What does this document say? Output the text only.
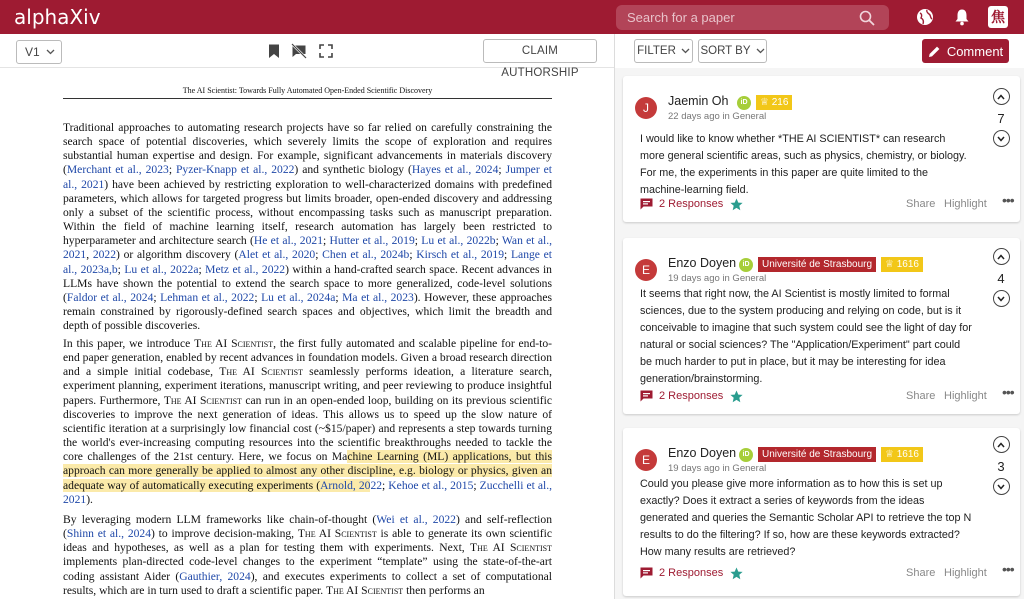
alphaXiv	Search for a paper	焦
V1	CLAIM AUTHORSHIP
The AI Scientist: Towards Fully Automated Open-Ended Scientific Discovery

Traditional approaches to automating research projects have so far relied on carefully constraining the search space of potential discoveries, which severely limits the scope of exploration and requires substantial human expertise and design. For example, significant advancements in materials discovery (Merchant et al., 2023; Pyzer-Knapp et al., 2022) and synthetic biology (Hayes et al., 2024; Jumper et al., 2021) have been achieved by restricting exploration to well-characterized domains with predefined parameters, which allows for targeted progress but limits broader, open-ended discovery and addressing only a subset of the scientific process, without encompassing tasks such as manuscript preparation. Within the field of machine learning itself, research automation has largely been restricted to hyperparameter and architecture search (He et al., 2021; Hutter et al., 2019; Lu et al., 2022b; Wan et al., 2021, 2022) or algorithm discovery (Alet et al., 2020; Chen et al., 2024b; Kirsch et al., 2019; Lange et al., 2023a,b; Lu et al., 2022a; Metz et al., 2022) within a hand-crafted search space. Recent advances in LLMs have shown the potential to extend the search space to more generalized, code-level solutions (Faldor et al., 2024; Lehman et al., 2022; Lu et al., 2024a; Ma et al., 2023). However, these approaches remain constrained by rigorously-defined search spaces and objectives, which limit the breadth and depth of possible discoveries.

In this paper, we introduce The AI Scientist, the first fully automated and scalable pipeline for end-to-end paper generation, enabled by recent advances in foundation models. Given a broad research direction and a simple initial codebase, The AI Scientist seamlessly performs ideation, a literature search, experiment planning, experiment iterations, manuscript writing, and peer reviewing to produce insightful papers. Furthermore, The AI Scientist can run in an open-ended loop, building on its previous scientific discoveries to improve the next generation of ideas. This allows us to speed up the slow nature of scientific iteration at a surprisingly low financial cost (~$15/paper) and represents a step towards turning the world's ever-increasing computing resources into the scientific breakthroughs needed to tackle the core challenges of the 21st century. Here, we focus on Machine Learning (ML) applications, but this approach can more generally be applied to almost any other discipline, e.g. biology or physics, given an adequate way of automatically executing experiments (Arnold, 2022; Kehoe et al., 2015; Zucchelli et al., 2021).

By leveraging modern LLM frameworks like chain-of-thought (Wei et al., 2022) and self-reflection (Shinn et al., 2024) to improve decision-making, The AI Scientist is able to generate its own scientific ideas and hypotheses, as well as a plan for testing them with experiments. Next, The AI Scientist implements plan-directed code-level changes to the experiment “template” using the state-of-the-art coding assistant Aider (Gauthier, 2024), and executes experiments to collect a set of computational results, which are in turn used to draft a scientific paper. The AI Scientist then performs an

FILTER SORT BY	Comment
J	Jaemin Oh	iD	♕ 216
22 days ago in General
I would like to know whether *THE AI SCIENTIST* can research more general scientific areas, such as physics, chemistry, or biology. For me, the experiments in this paper are quite limited to the machine-learning field.
7
2 Responses	Share Highlight •••
E	Enzo Doyen iD	Université de Strasbourg	♕ 1616
19 days ago in General
It seems that right now, the AI Scientist is mostly limited to formal sciences, due to the system producing and relying on code, but is it conceivable to imagine that such system could see the light of day for natural or social sciences? The "Application/Experiment" part could be much harder to put in place, but it may be interesting for idea generation/brainstorming.
4
2 Responses	Share Highlight •••
E	Enzo Doyen iD	Université de Strasbourg	♕ 1616
19 days ago in General
Could you please give more information as to how this is set up exactly? Does it extract a series of keywords from the ideas generated and queries the Semantic Scholar API to retrieve the top N results to do the filtering? If so, how are these keywords extracted? How many results are retrieved?
3
2 Responses	Share Highlight •••
